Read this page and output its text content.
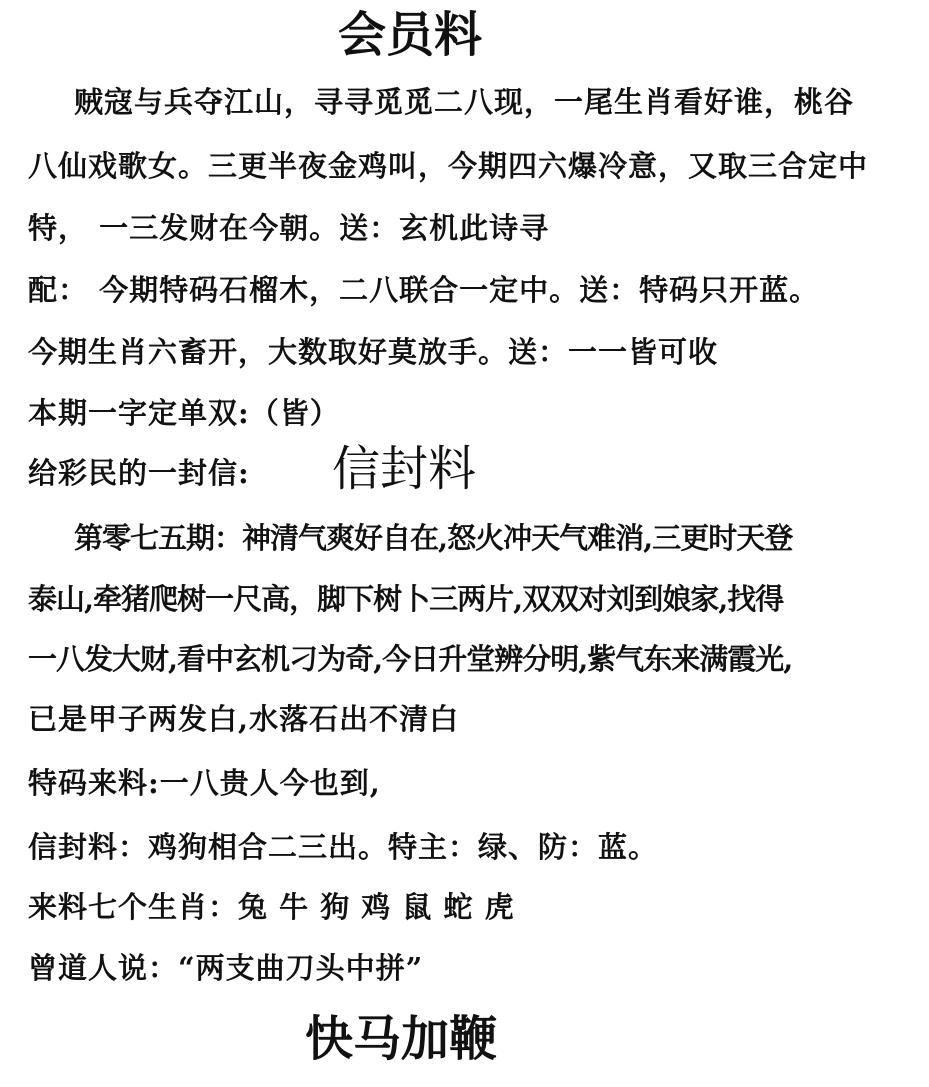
会员料
贼寇与兵夺江山，寻寻觅觅二八现，一尾生肖看好谁，桃谷
八仙戏歌女。三更半夜金鸡叫，今期四六爆冷意，又取三合定中
特， 一三发财在今朝。送：玄机此诗寻
配： 今期特码石榴木，二八联合一定中。送：特码只开蓝。
今期生肖六畜开，大数取好莫放手。送：一一皆可收
本期一字定单双:（皆）
给彩民的一封信: 信封料
第零七五期：神清气爽好自在,怒火冲天气难消,三更时天登
泰山,牵猪爬树一尺高，脚下树卜三两片,双双对刘到娘家,找得
一八发大财,看中玄机刁为奇,今日升堂辨分明,紫气东来满霞光,
已是甲子两发白,水落石出不清白
特码来料:一八贵人今也到,
信封料：鸡狗相合二三出。特主：绿、防：蓝。
来料七个生肖：兔 牛 狗 鸡 鼠 蛇 虎
曾道人说：“两支曲刀头中拼”
快马加鞭
